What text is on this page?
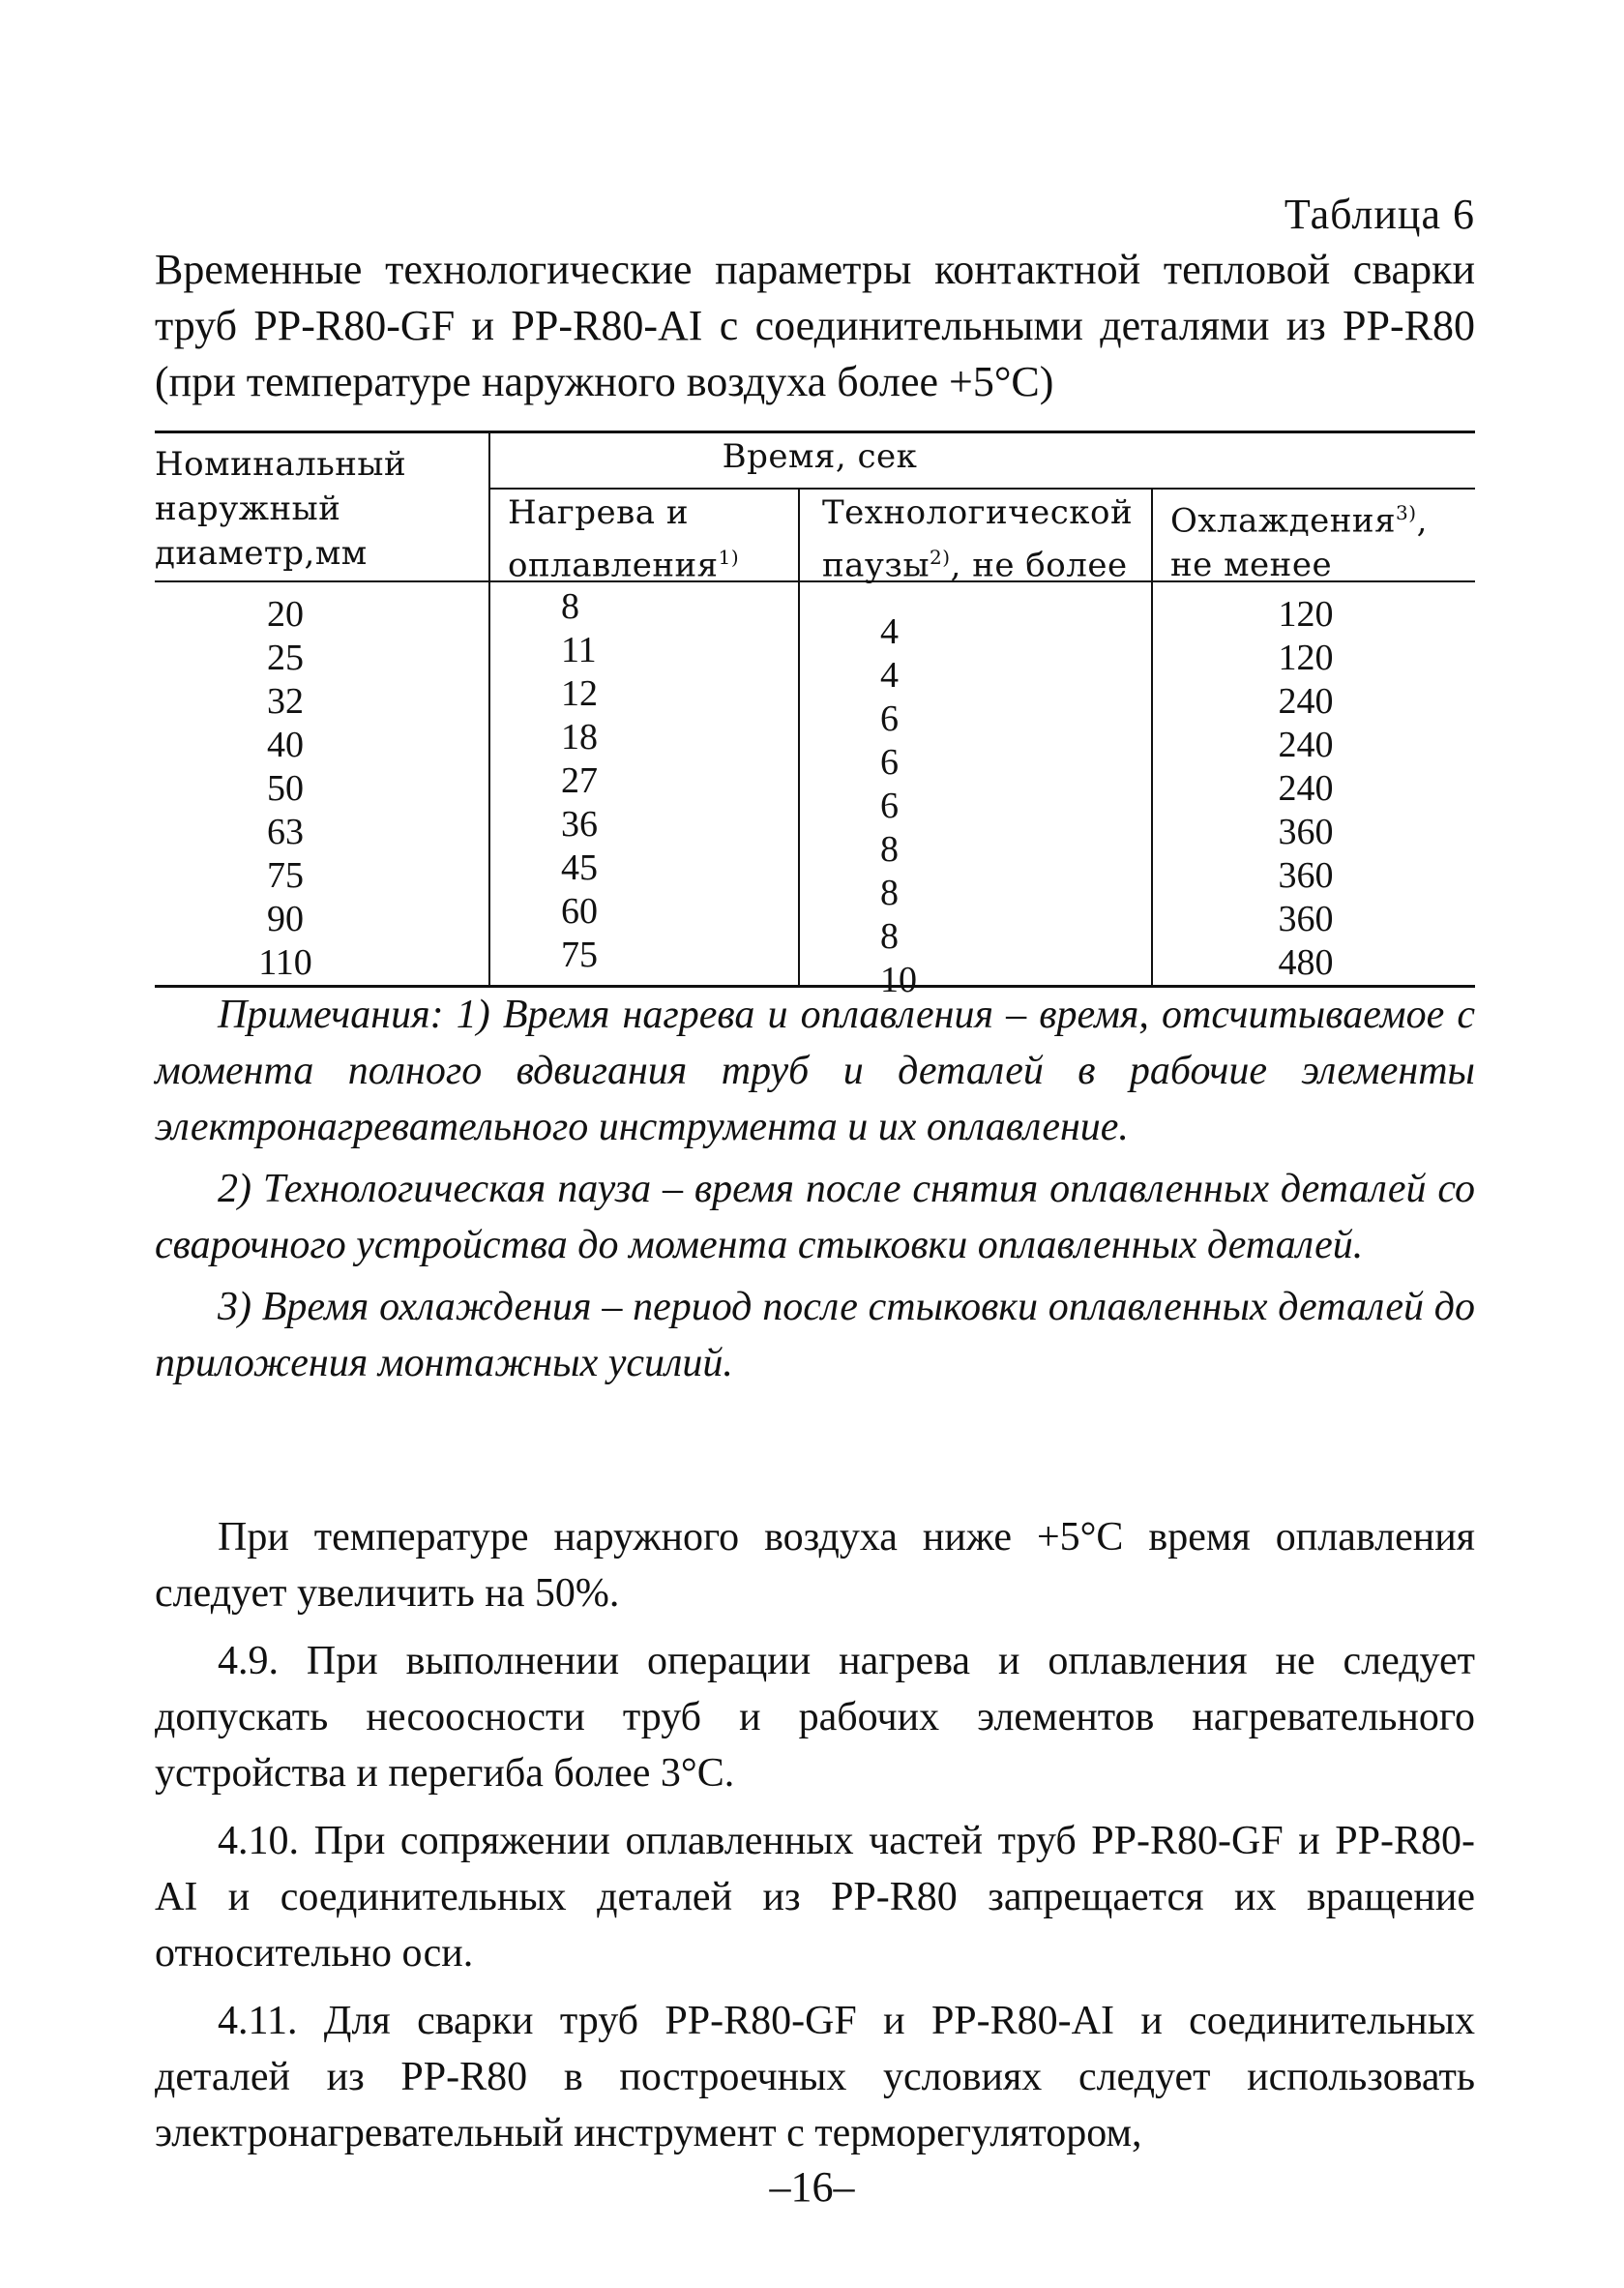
Таблица 6
Временные технологические параметры контактной тепловой сварки труб PP-R80-GF и PP-R80-AI с соединительными деталями из PP-R80 (при температуре наружного воздуха более +5°С)
Номинальный
наружный
диаметр,мм
Время, сек
Нагрева и
оплавления$^{1)}$
Технологической
паузы$^{2)}$, не более
Охлаждения$^{3)}$,
не менее
20
25
32
40
50
63
75
90
110
8
11
12
18
27
36
45
60
75
4
4
6
6
6
8
8
8
10
120
120
240
240
240
360
360
360
480

Примечания: 1) Время нагрева и оплавления – время, отсчитываемое с момента полного вдвигания труб и деталей в рабочие элементы электронагревательного инструмента и их оплавление.

2) Технологическая пауза – время после снятия оплавленных деталей со сварочного устройства до момента стыковки оплавленных деталей.

3) Время охлаждения – период после стыковки оплавленных деталей до приложения монтажных усилий.

При температуре наружного воздуха ниже +5°С время оплавления следует увеличить на 50%.

4.9. При выполнении операции нагрева и оплавления не следует допускать несоосности труб и рабочих элементов нагревательного устройства и перегиба более 3°С.

4.10. При сопряжении оплавленных частей труб PP-R80-GF и PP-R80-AI и соединительных деталей из PP-R80 запрещается их вращение относительно оси.

4.11. Для сварки труб PP-R80-GF и PP-R80-AI и соединительных деталей из PP-R80 в построечных условиях следует использовать электронагревательный инструмент с терморегулятором,

–16–
